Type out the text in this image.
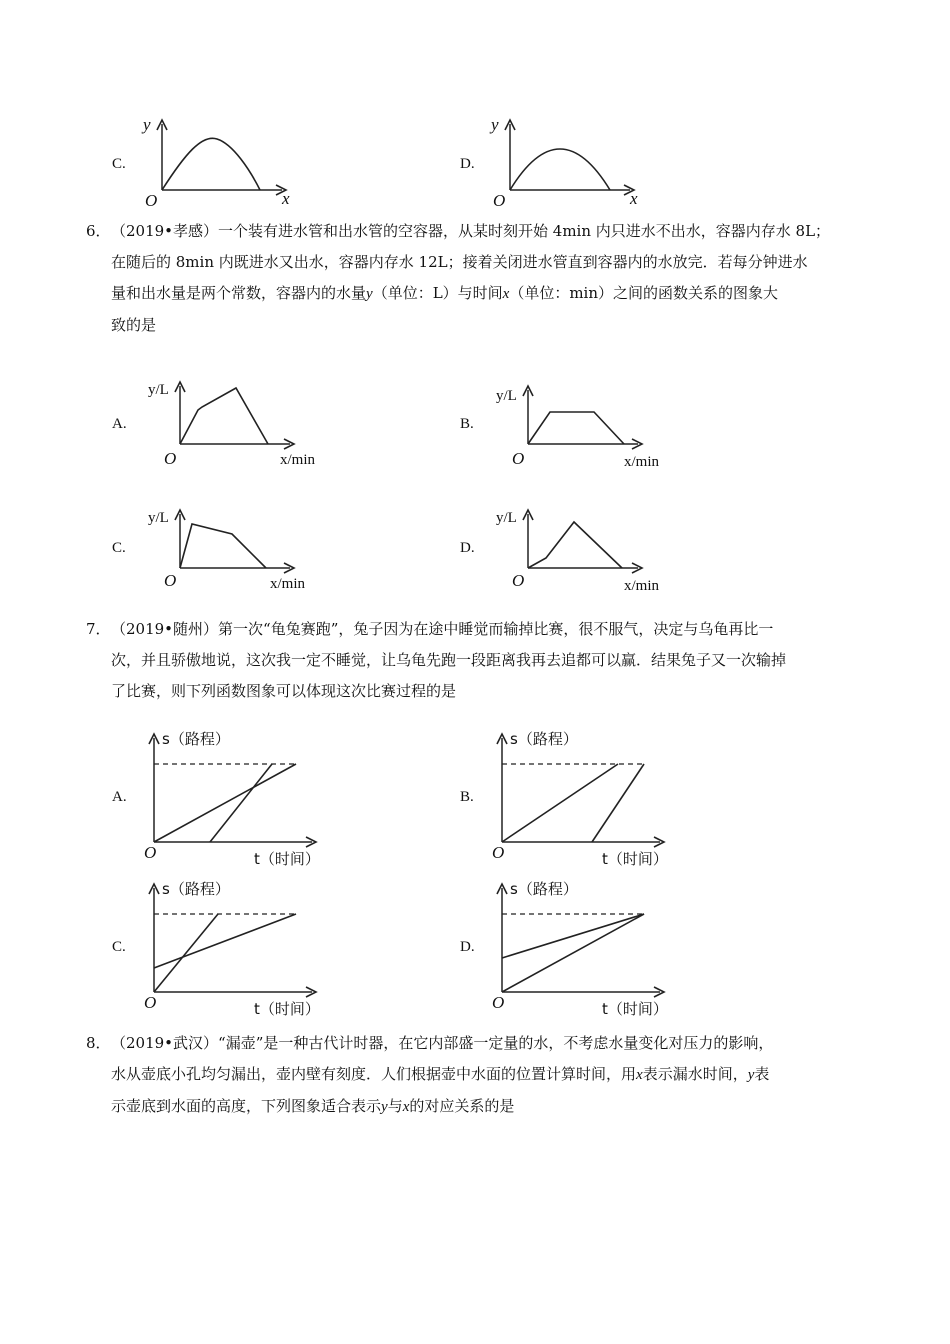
C.
y
x
O
D.
y
x
O
6．（2019•孝感）一个装有进水管和出水管的空容器，从某时刻开始 4min 内只进水不出水，容器内存水 8L；
在随后的 8min 内既进水又出水，容器内存水 12L；接着关闭进水管直到容器内的水放完．若每分钟进水
量和出水量是两个常数，容器内的水量y（单位：L）与时间x（单位：min）之间的函数关系的图象大
致的是
A.
y/L
x/min
O
B.
y/L
x/min
O
C.
y/L
x/min
O
D.
y/L
x/min
O
7．（2019•随州）第一次“龟兔赛跑”，兔子因为在途中睡觉而输掉比赛，很不服气，决定与乌龟再比一
次，并且骄傲地说，这次我一定不睡觉，让乌龟先跑一段距离我再去追都可以赢．结果兔子又一次输掉
了比赛，则下列函数图象可以体现这次比赛过程的是
A.
s（路程）
t（时间）
O
B.
s（路程）
t（时间）
O
C.
s（路程）
t（时间）
O
D.
s（路程）
t（时间）
O
8．（2019•武汉）“漏壶”是一种古代计时器，在它内部盛一定量的水，不考虑水量变化对压力的影响，
水从壶底小孔均匀漏出，壶内壁有刻度．人们根据壶中水面的位置计算时间，用x表示漏水时间，y表
示壶底到水面的高度，下列图象适合表示y与x的对应关系的是
